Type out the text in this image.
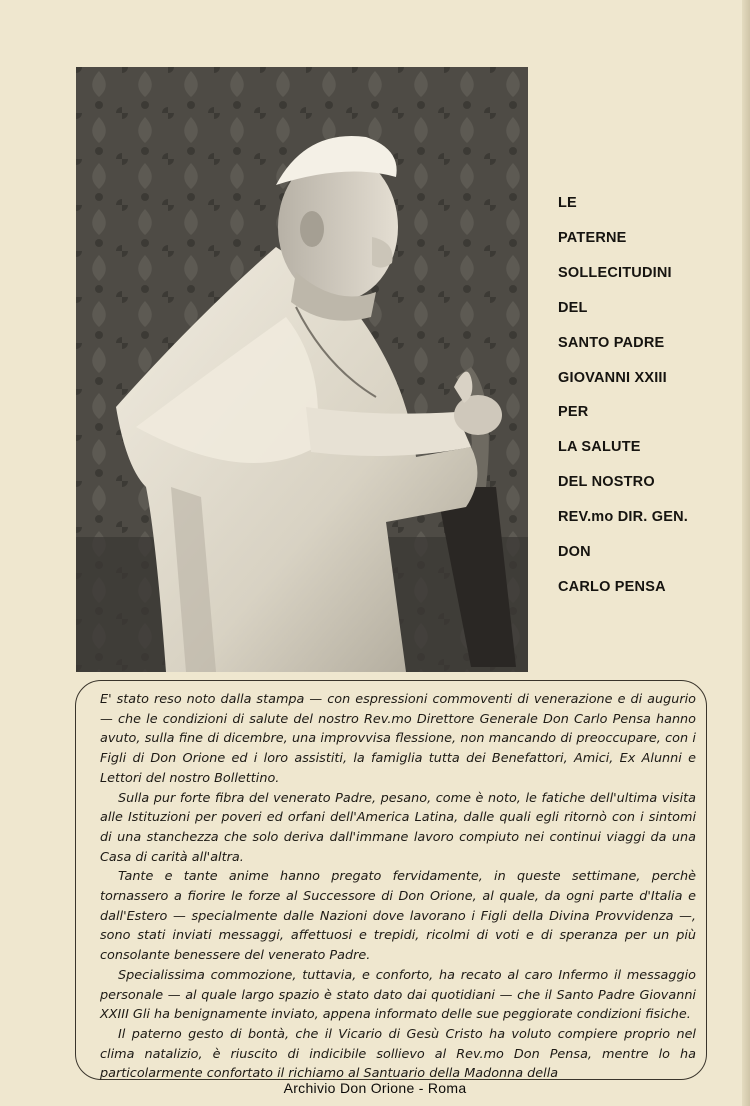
LE
PATERNE
SOLLECITUDINI
DEL
SANTO PADRE
GIOVANNI XXIII
PER
LA SALUTE
DEL NOSTRO
REV.mo DIR. GEN.
DON
CARLO PENSA

E' stato reso noto dalla stampa — con espressioni commoventi di venerazione e di augurio — che le condizioni di salute del nostro Rev.mo Direttore Generale Don Carlo Pensa hanno avuto, sulla fine di dicembre, una improvvisa flessione, non mancando di preoccupare, con i Figli di Don Orione ed i loro assistiti, la famiglia tutta dei Benefattori, Amici, Ex Alunni e Lettori del nostro Bollettino.

Sulla pur forte fibra del venerato Padre, pesano, come è noto, le fatiche dell'ultima visita alle Istituzioni per poveri ed orfani dell'America Latina, dalle quali egli ritornò con i sintomi di una stanchezza che solo deriva dall'immane lavoro compiuto nei continui viaggi da una Casa di carità all'altra.

Tante e tante anime hanno pregato fervidamente, in queste settimane, perchè tornassero a fiorire le forze al Successore di Don Orione, al quale, da ogni parte d'Italia e dall'Estero — specialmente dalle Nazioni dove lavorano i Figli della Divina Provvidenza —, sono stati inviati messaggi, affettuosi e trepidi, ricolmi di voti e di speranza per un più consolante benessere del venerato Padre.

Specialissima commozione, tuttavia, e conforto, ha recato al caro Infermo il messaggio personale — al quale largo spazio è stato dato dai quotidiani — che il Santo Padre Giovanni XXIII Gli ha benignamente inviato, appena informato delle sue peggiorate condizioni fisiche.

Il paterno gesto di bontà, che il Vicario di Gesù Cristo ha voluto compiere proprio nel clima natalizio, è riuscito di indicibile sollievo al Rev.mo Don Pensa, mentre lo ha particolarmente confortato il richiamo al Santuario della Madonna della

Archivio Don Orione - Roma
